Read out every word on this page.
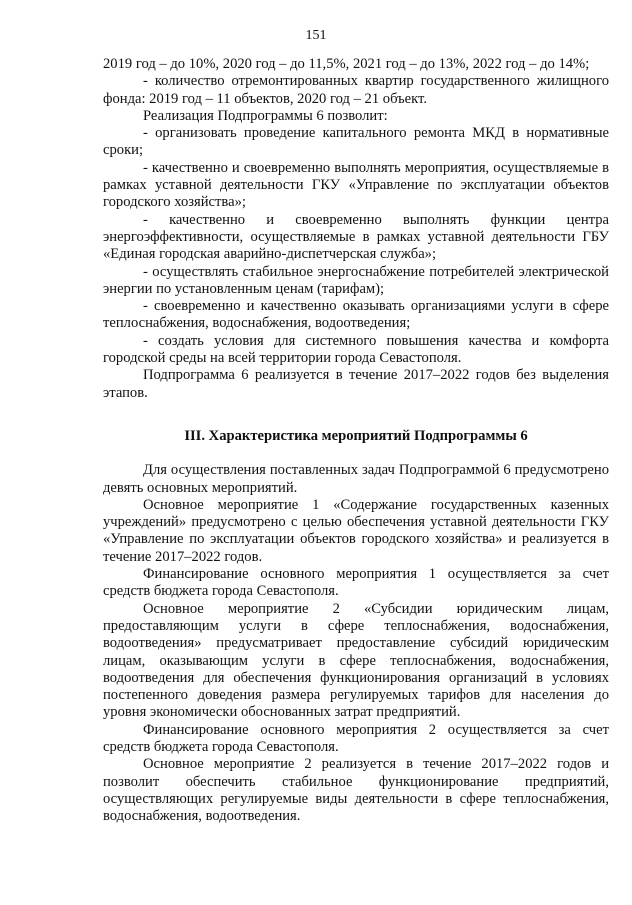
151

2019 год – до 10%, 2020 год – до 11,5%, 2021 год – до 13%, 2022 год – до 14%;

- количество отремонтированных квартир государственного жилищного фонда: 2019 год – 11 объектов, 2020 год – 21 объект.

Реализация Подпрограммы 6 позволит:

- организовать проведение капитального ремонта МКД в нормативные сроки;

- качественно и своевременно выполнять мероприятия, осуществляемые в рамках уставной деятельности ГКУ «Управление по эксплуатации объектов городского хозяйства»;

- качественно и своевременно выполнять функции центра энергоэффективности, осуществляемые в рамках уставной деятельности ГБУ «Единая городская аварийно-диспетчерская служба»;

- осуществлять стабильное энергоснабжение потребителей электрической энергии по установленным ценам (тарифам);

- своевременно и качественно оказывать организациями услуги в сфере теплоснабжения, водоснабжения, водоотведения;

- создать условия для системного повышения качества и комфорта городской среды на всей территории города Севастополя.

Подпрограмма 6 реализуется в течение 2017–2022 годов без выделения этапов.

III. Характеристика мероприятий Подпрограммы 6

Для осуществления поставленных задач Подпрограммой 6 предусмотрено девять основных мероприятий.

Основное мероприятие 1 «Содержание государственных казенных учреждений» предусмотрено с целью обеспечения уставной деятельности ГКУ «Управление по эксплуатации объектов городского хозяйства» и реализуется в течение 2017–2022 годов.

Финансирование основного мероприятия 1 осуществляется за счет средств бюджета города Севастополя.

Основное мероприятие 2 «Субсидии юридическим лицам, предоставляющим услуги в сфере теплоснабжения, водоснабжения, водоотведения» предусматривает предоставление субсидий юридическим лицам, оказывающим услуги в сфере теплоснабжения, водоснабжения, водоотведения для обеспечения функционирования организаций в условиях постепенного доведения размера регулируемых тарифов для населения до уровня экономически обоснованных затрат предприятий.

Финансирование основного мероприятия 2 осуществляется за счет средств бюджета города Севастополя.

Основное мероприятие 2 реализуется в течение 2017–2022 годов и позволит обеспечить стабильное функционирование предприятий, осуществляющих регулируемые виды деятельности в сфере теплоснабжения, водоснабжения, водоотведения.
